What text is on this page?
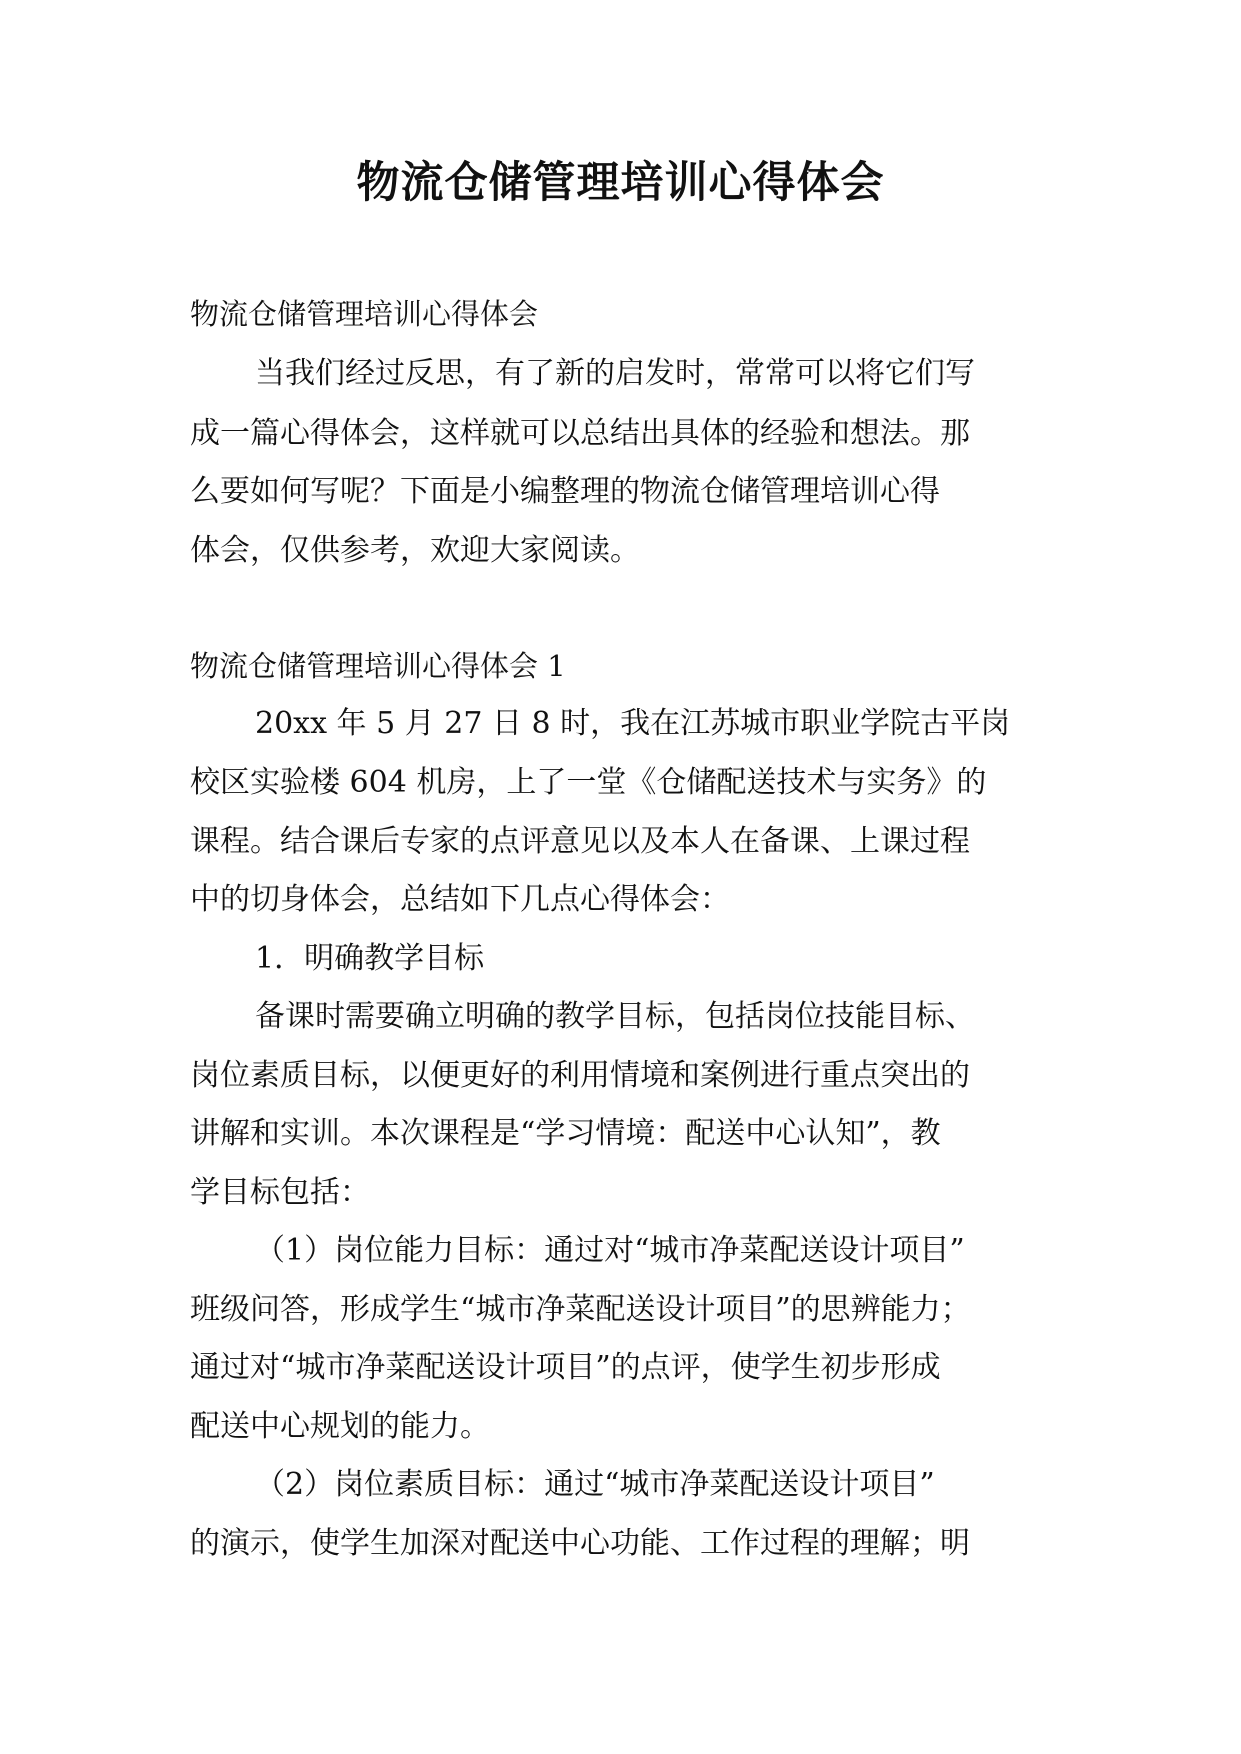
物流仓储管理培训心得体会
物流仓储管理培训心得体会
当我们经过反思，有了新的启发时，常常可以将它们写
成一篇心得体会，这样就可以总结出具体的经验和想法。那
么要如何写呢？下面是小编整理的物流仓储管理培训心得
体会，仅供参考，欢迎大家阅读。
物流仓储管理培训心得体会 1
20xx 年 5 月 27 日 8 时，我在江苏城市职业学院古平岗
校区实验楼 604 机房，上了一堂《仓储配送技术与实务》的
课程。结合课后专家的点评意见以及本人在备课、上课过程
中的切身体会，总结如下几点心得体会：
1．明确教学目标
备课时需要确立明确的教学目标，包括岗位技能目标、
岗位素质目标，以便更好的利用情境和案例进行重点突出的
讲解和实训。本次课程是“学习情境：配送中心认知”，教
学目标包括：
（1）岗位能力目标：通过对“城市净菜配送设计项目”
班级问答，形成学生“城市净菜配送设计项目”的思辨能力；
通过对“城市净菜配送设计项目”的点评，使学生初步形成
配送中心规划的能力。
（2）岗位素质目标：通过“城市净菜配送设计项目”
的演示，使学生加深对配送中心功能、工作过程的理解；明
